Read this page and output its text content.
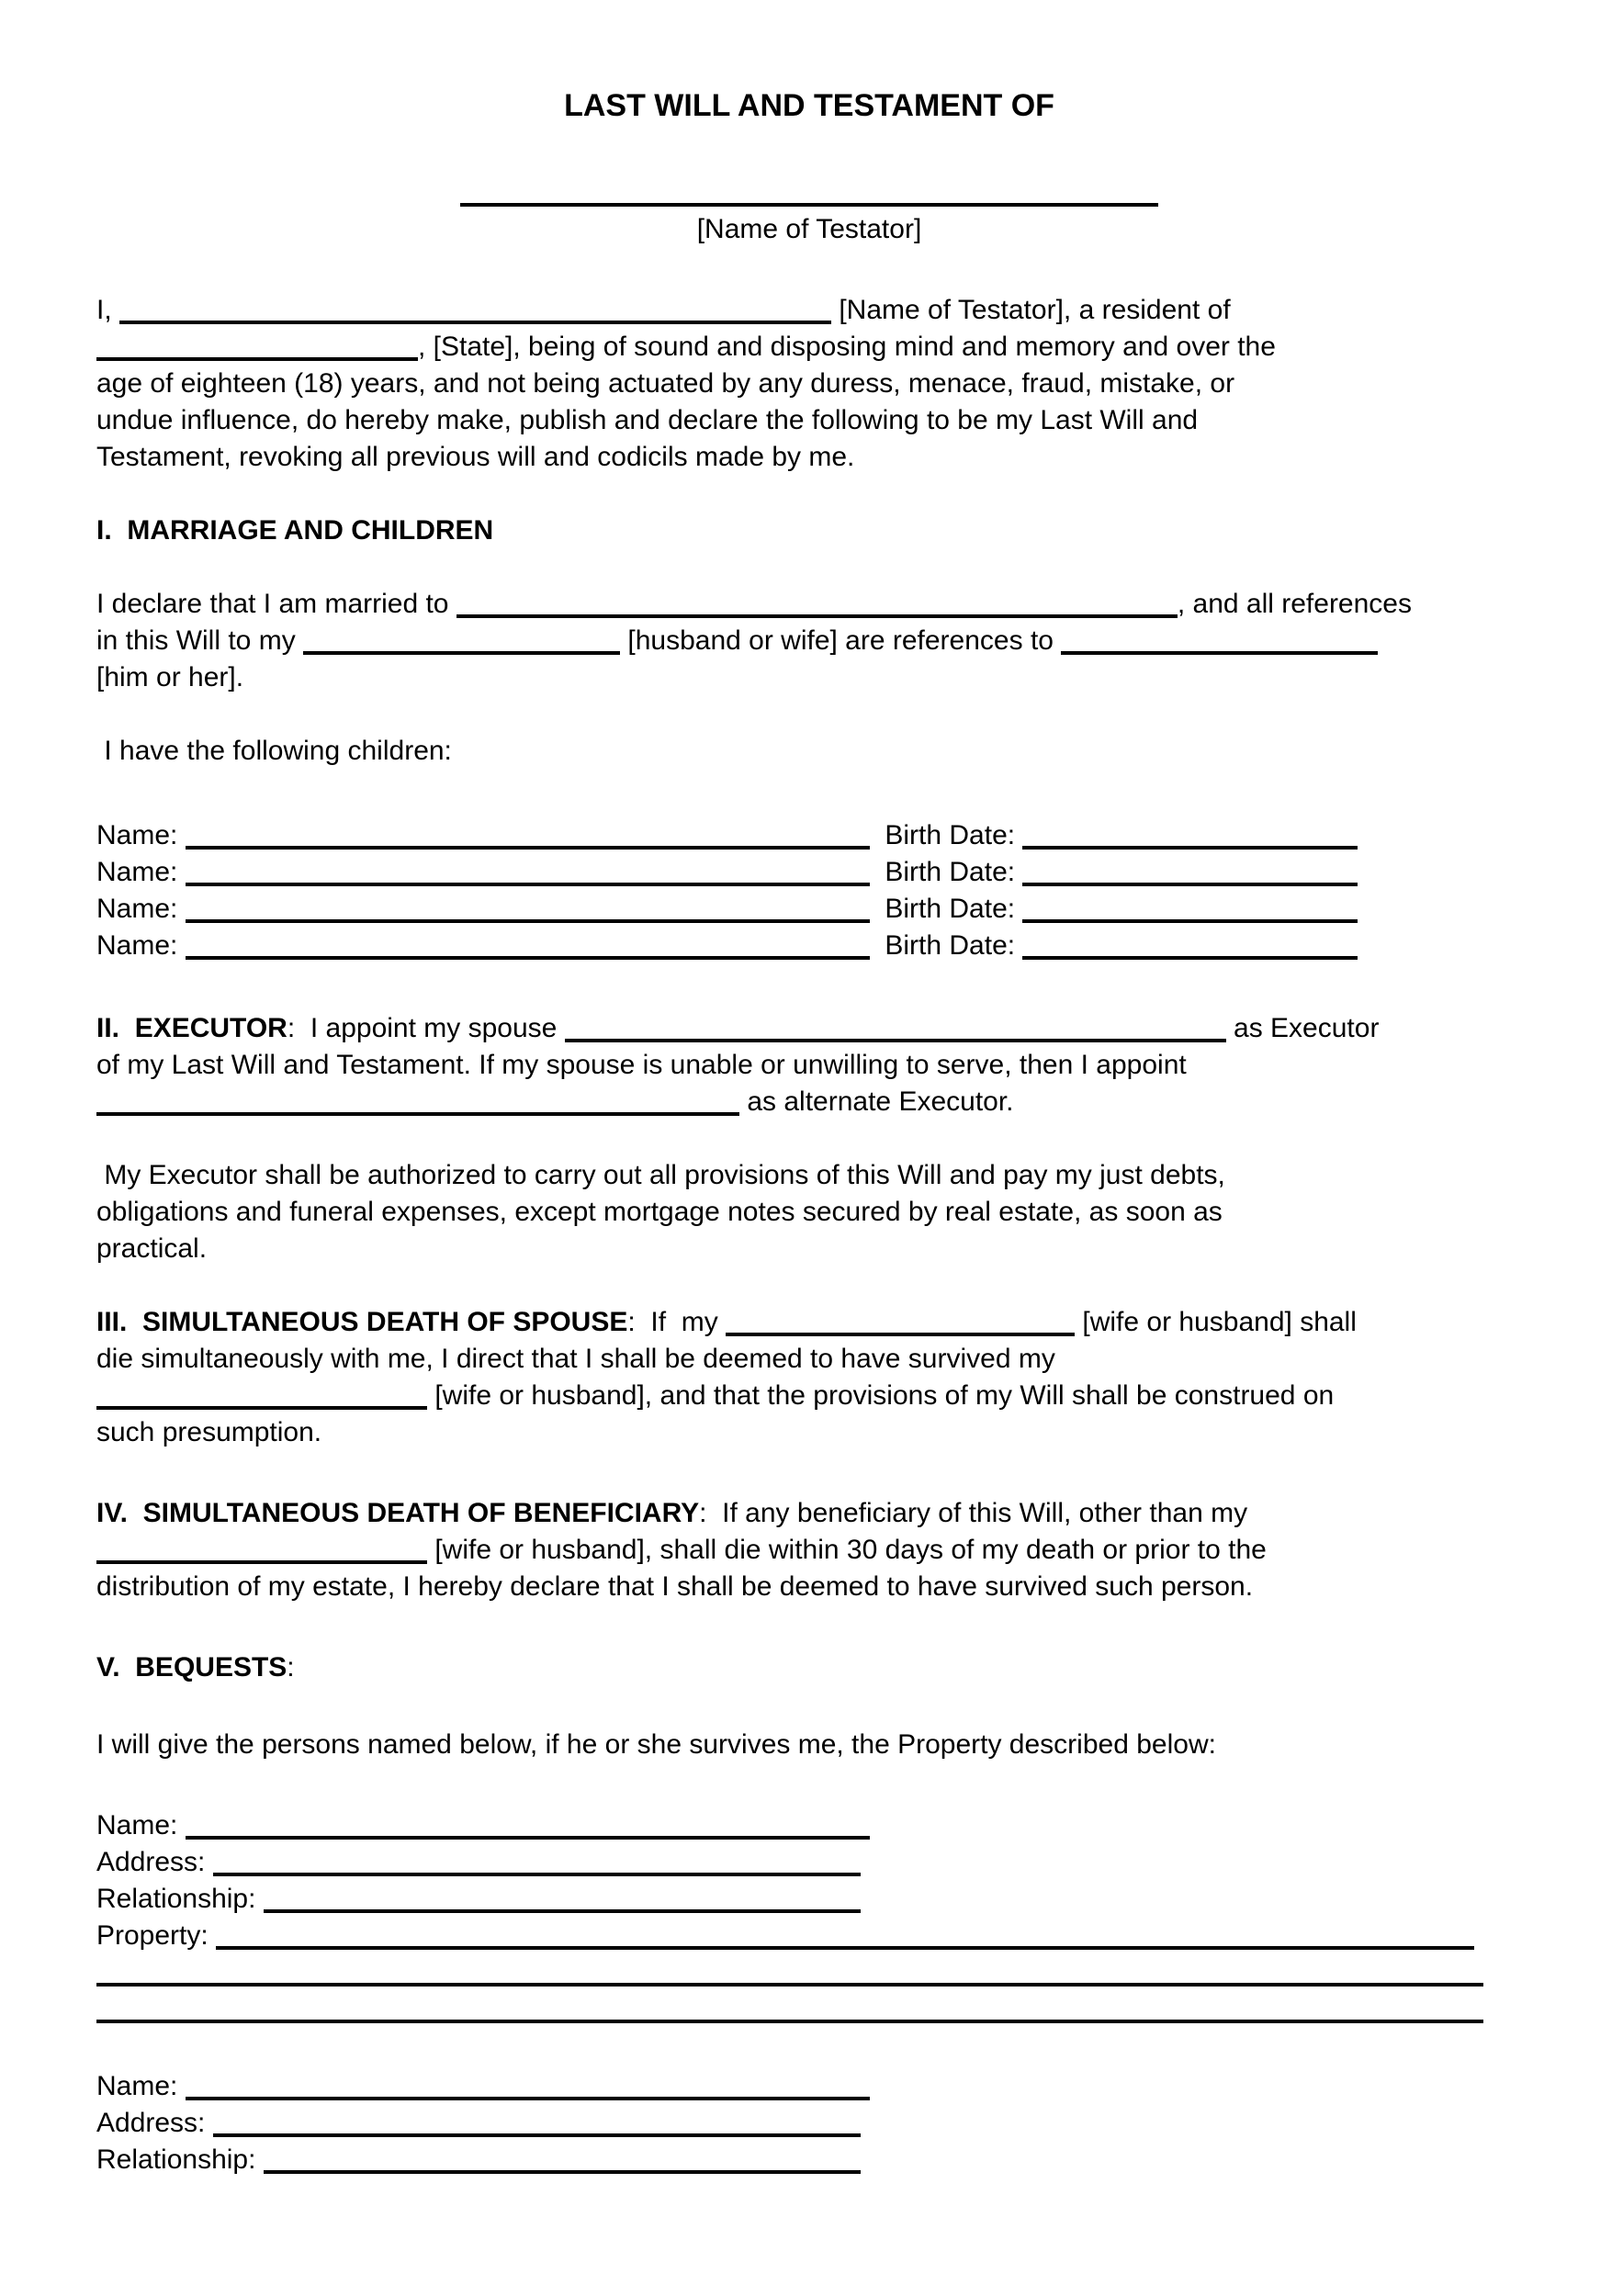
LAST WILL AND TESTAMENT OF
[Name of Testator]
I,	[Name of Testator], a resident of
, [State], being of sound and disposing mind and memory and over the
age of eighteen (18) years, and not being actuated by any duress, menace, fraud, mistake, or
undue influence, do hereby make, publish and declare the following to be my Last Will and
Testament, revoking all previous will and codicils made by me.
I.  MARRIAGE AND CHILDREN
I declare that I am married to	, and all references
in this Will to my	[husband or wife] are references to
[him or her].
I have the following children:
Name:	Birth Date:
Name:	Birth Date:
Name:	Birth Date:
Name:	Birth Date:
II. EXECUTOR:  I appoint my spouse	as Executor
of my Last Will and Testament. If my spouse is unable or unwilling to serve, then I appoint
as alternate Executor.
My Executor shall be authorized to carry out all provisions of this Will and pay my just debts,
obligations and funeral expenses, except mortgage notes secured by real estate, as soon as
practical.
III. SIMULTANEOUS DEATH OF SPOUSE:  If  my	[wife or husband] shall
die simultaneously with me, I direct that I shall be deemed to have survived my
[wife or husband], and that the provisions of my Will shall be construed on
such presumption.
IV. SIMULTANEOUS DEATH OF BENEFICIARY:  If any beneficiary of this Will, other than my
[wife or husband], shall die within 30 days of my death or prior to the
distribution of my estate, I hereby declare that I shall be deemed to have survived such person.
V. BEQUESTS:
I will give the persons named below, if he or she survives me, the Property described below:
Name:
Address:
Relationship:
Property:
Name:
Address:
Relationship:
